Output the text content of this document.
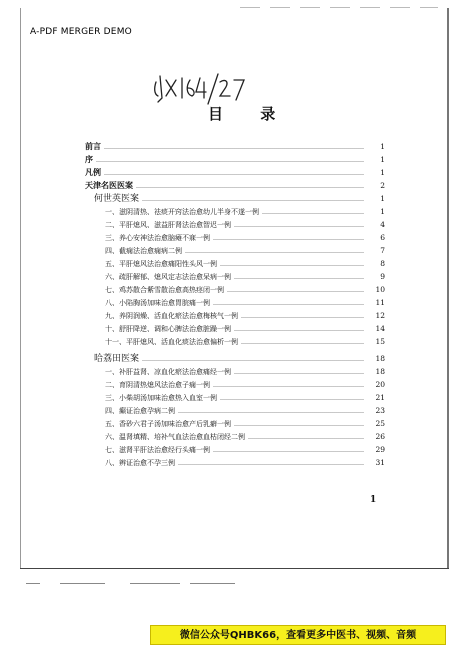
A-PDF MERGER DEMO
目 录
前言 ……………………………………………………………………………………………………………………………………………………	1
序 ……………………………………………………………………………………………………………………………………………………	1
凡例 ……………………………………………………………………………………………………………………………………………………	1
天津名医医案 ……………………………………………………………………………………………………………………………………………………	2
何世英医案 ……………………………………………………………………………………………………………………………………………………	1
一、滋阴清热、祛痰开窍法治愈幼儿半身不遂一例 ……………………………………………………………………………………………………………………………………………………	1
二、平肝熄风、滋益肝肾法治愈智迟一例 ……………………………………………………………………………………………………………………………………………………	4
三、养心安神法治愈脑瘫不寐一例 ……………………………………………………………………………………………………………………………………………………	6
四、截痫法治愈痫病二例 ……………………………………………………………………………………………………………………………………………………	7
五、平肝熄风法治愈痛阳性头风一例 ……………………………………………………………………………………………………………………………………………………	8
六、疏肝解郁、熄风定志法治愈呆病一例 ……………………………………………………………………………………………………………………………………………………	9
七、鸡苏散合紫雪散治愈高热痉闭一例 ……………………………………………………………………………………………………………………………………………………	10
八、小陷胸汤加味治愈胃脘痛一例 ……………………………………………………………………………………………………………………………………………………	11
九、养阴润燥、活血化瘀法治愈梅核气一例 ……………………………………………………………………………………………………………………………………………………	12
十、舒肝降逆、调和心脾法治愈脏躁一例 ……………………………………………………………………………………………………………………………………………………	14
十一、平肝熄风、活血化痰法治愈偏析一例 ……………………………………………………………………………………………………………………………………………………	15
哈荔田医案 ……………………………………………………………………………………………………………………………………………………	18
一、补肝益肾、凉血化瘀法治愈痛经一例 ……………………………………………………………………………………………………………………………………………………	18
二、育阴清热熄风法治愈子痫一例 ……………………………………………………………………………………………………………………………………………………	20
三、小柴胡汤加味治愈热入血室一例 ……………………………………………………………………………………………………………………………………………………	21
四、癫证治愈孕病二例 ……………………………………………………………………………………………………………………………………………………	23
五、香砂六君子汤加味治愈产后乳癖一例 ……………………………………………………………………………………………………………………………………………………	25
六、温肾填精、培补气血法治愈血枯闭经二例 ……………………………………………………………………………………………………………………………………………………	26
七、滋肾平肝法治愈经行头痛一例 ……………………………………………………………………………………………………………………………………………………	29
八、辨证治愈不孕三例 ……………………………………………………………………………………………………………………………………………………	31
1
微信公众号QHBK66，查看更多中医书、视频、音频
